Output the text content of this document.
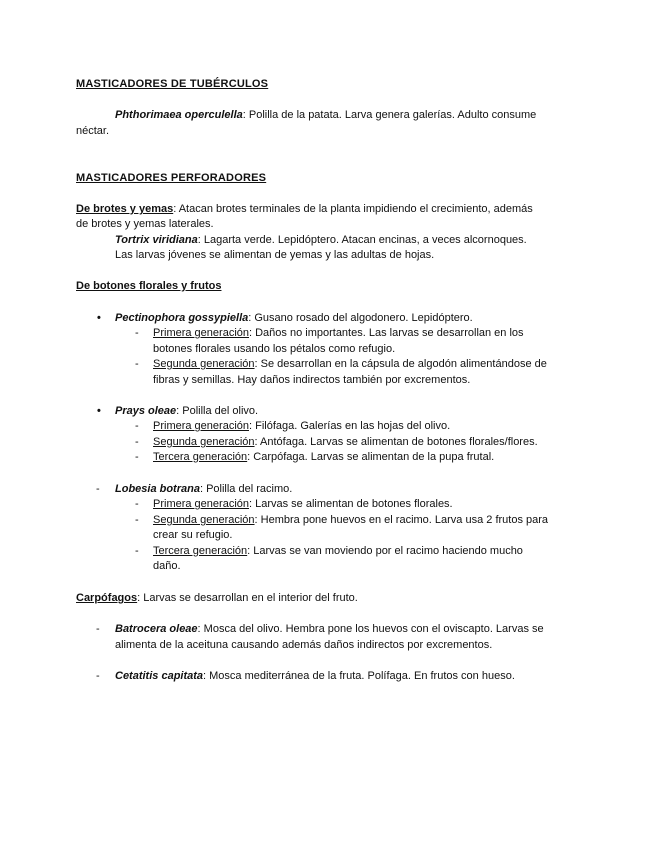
MASTICADORES DE TUBÉRCULOS
Phthorimaea operculella: Polilla de la patata. Larva genera galerías. Adulto consume
néctar.
MASTICADORES PERFORADORES
De brotes y yemas: Atacan brotes terminales de la planta impidiendo el crecimiento, además
de brotes y yemas laterales.
Tortrix viridiana: Lagarta verde. Lepidóptero. Atacan encinas, a veces alcornoques.
Las larvas jóvenes se alimentan de yemas y las adultas de hojas.
De botones florales y frutos
• Pectinophora gossypiella: Gusano rosado del algodonero. Lepidóptero.
- Primera generación: Daños no importantes. Las larvas se desarrollan en los
botones florales usando los pétalos como refugio.
- Segunda generación: Se desarrollan en la cápsula de algodón alimentándose de
fibras y semillas. Hay daños indirectos también por excrementos.
• Prays oleae: Polilla del olivo.
- Primera generación: Filófaga. Galerías en las hojas del olivo.
- Segunda generación: Antófaga. Larvas se alimentan de botones florales/flores.
- Tercera generación: Carpófaga. Larvas se alimentan de la pupa frutal.
- Lobesia botrana: Polilla del racimo.
- Primera generación: Larvas se alimentan de botones florales.
- Segunda generación: Hembra pone huevos en el racimo. Larva usa 2 frutos para
crear su refugio.
- Tercera generación: Larvas se van moviendo por el racimo haciendo mucho
daño.
Carpófagos: Larvas se desarrollan en el interior del fruto.
- Batrocera oleae: Mosca del olivo. Hembra pone los huevos con el oviscapto. Larvas se
alimenta de la aceituna causando además daños indirectos por excrementos.
- Cetatitis capitata: Mosca mediterránea de la fruta. Polífaga. En frutos con hueso.
